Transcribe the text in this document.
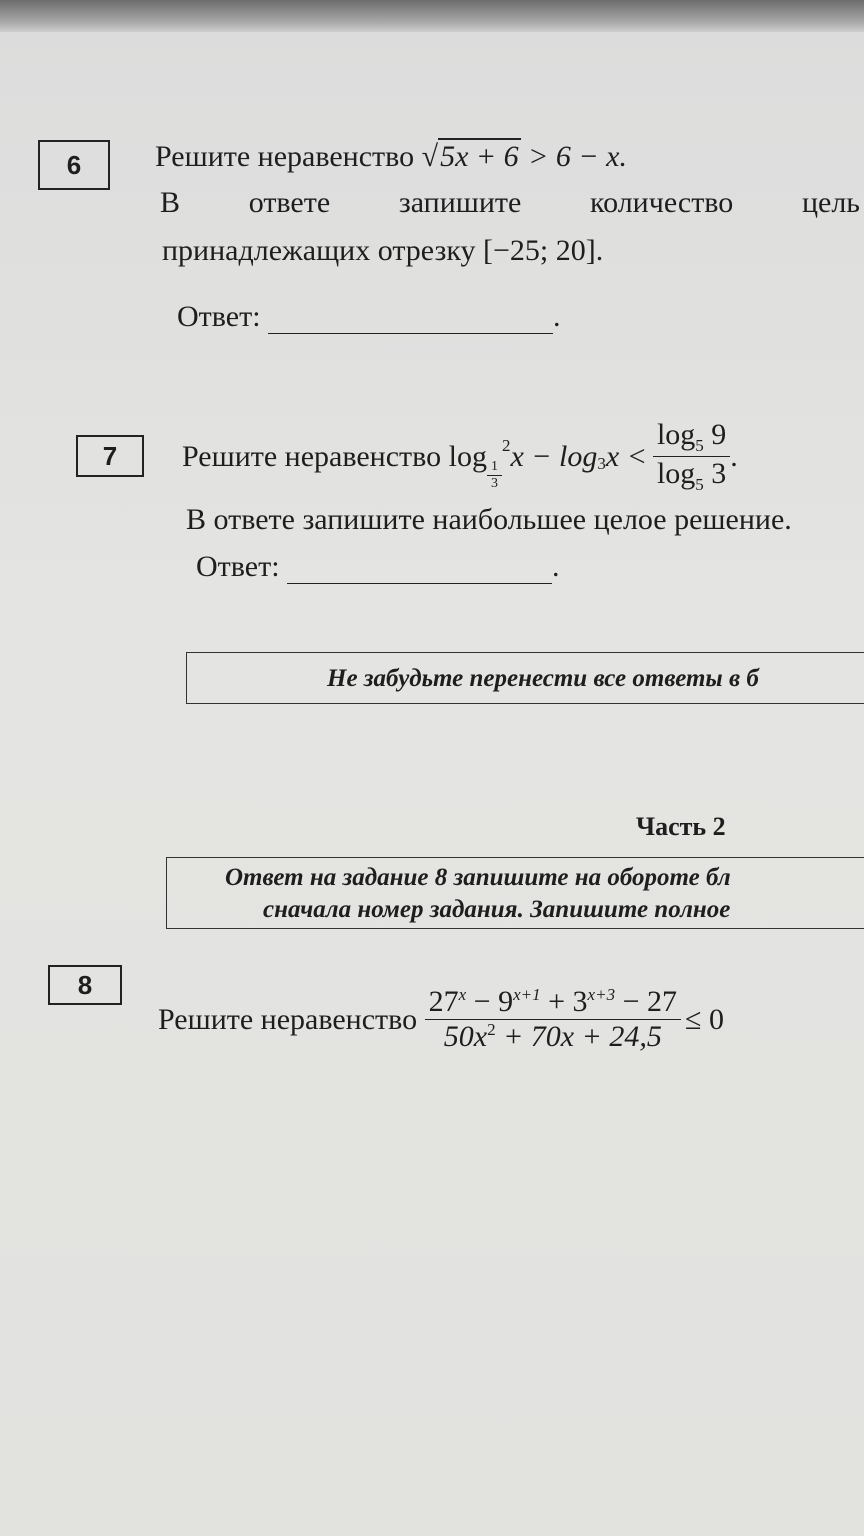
6	Решите неравенство √5x + 6 > 6 − x.
В ответе запишите количество цель
принадлежащих отрезку [−25; 20].
Ответ:	.
7	Решите неравенство
log
$\frac{1}{3}$
2 $x - \log_3 x < \frac{\log_5 9}{\log_5 3}$ .
В ответе запишите наибольшее целое решение.
Ответ:	.
Не забудьте перенести все ответы в б
Часть 2
Ответ на задание 8 запишите на обороте бл
сначала номер задания. Запишите полное
8
Решите неравенство
$\frac{27^x - 9^{x+1} + 3^{x+3} - 27}{50x^2 + 70x + 24,5} \le 0$
